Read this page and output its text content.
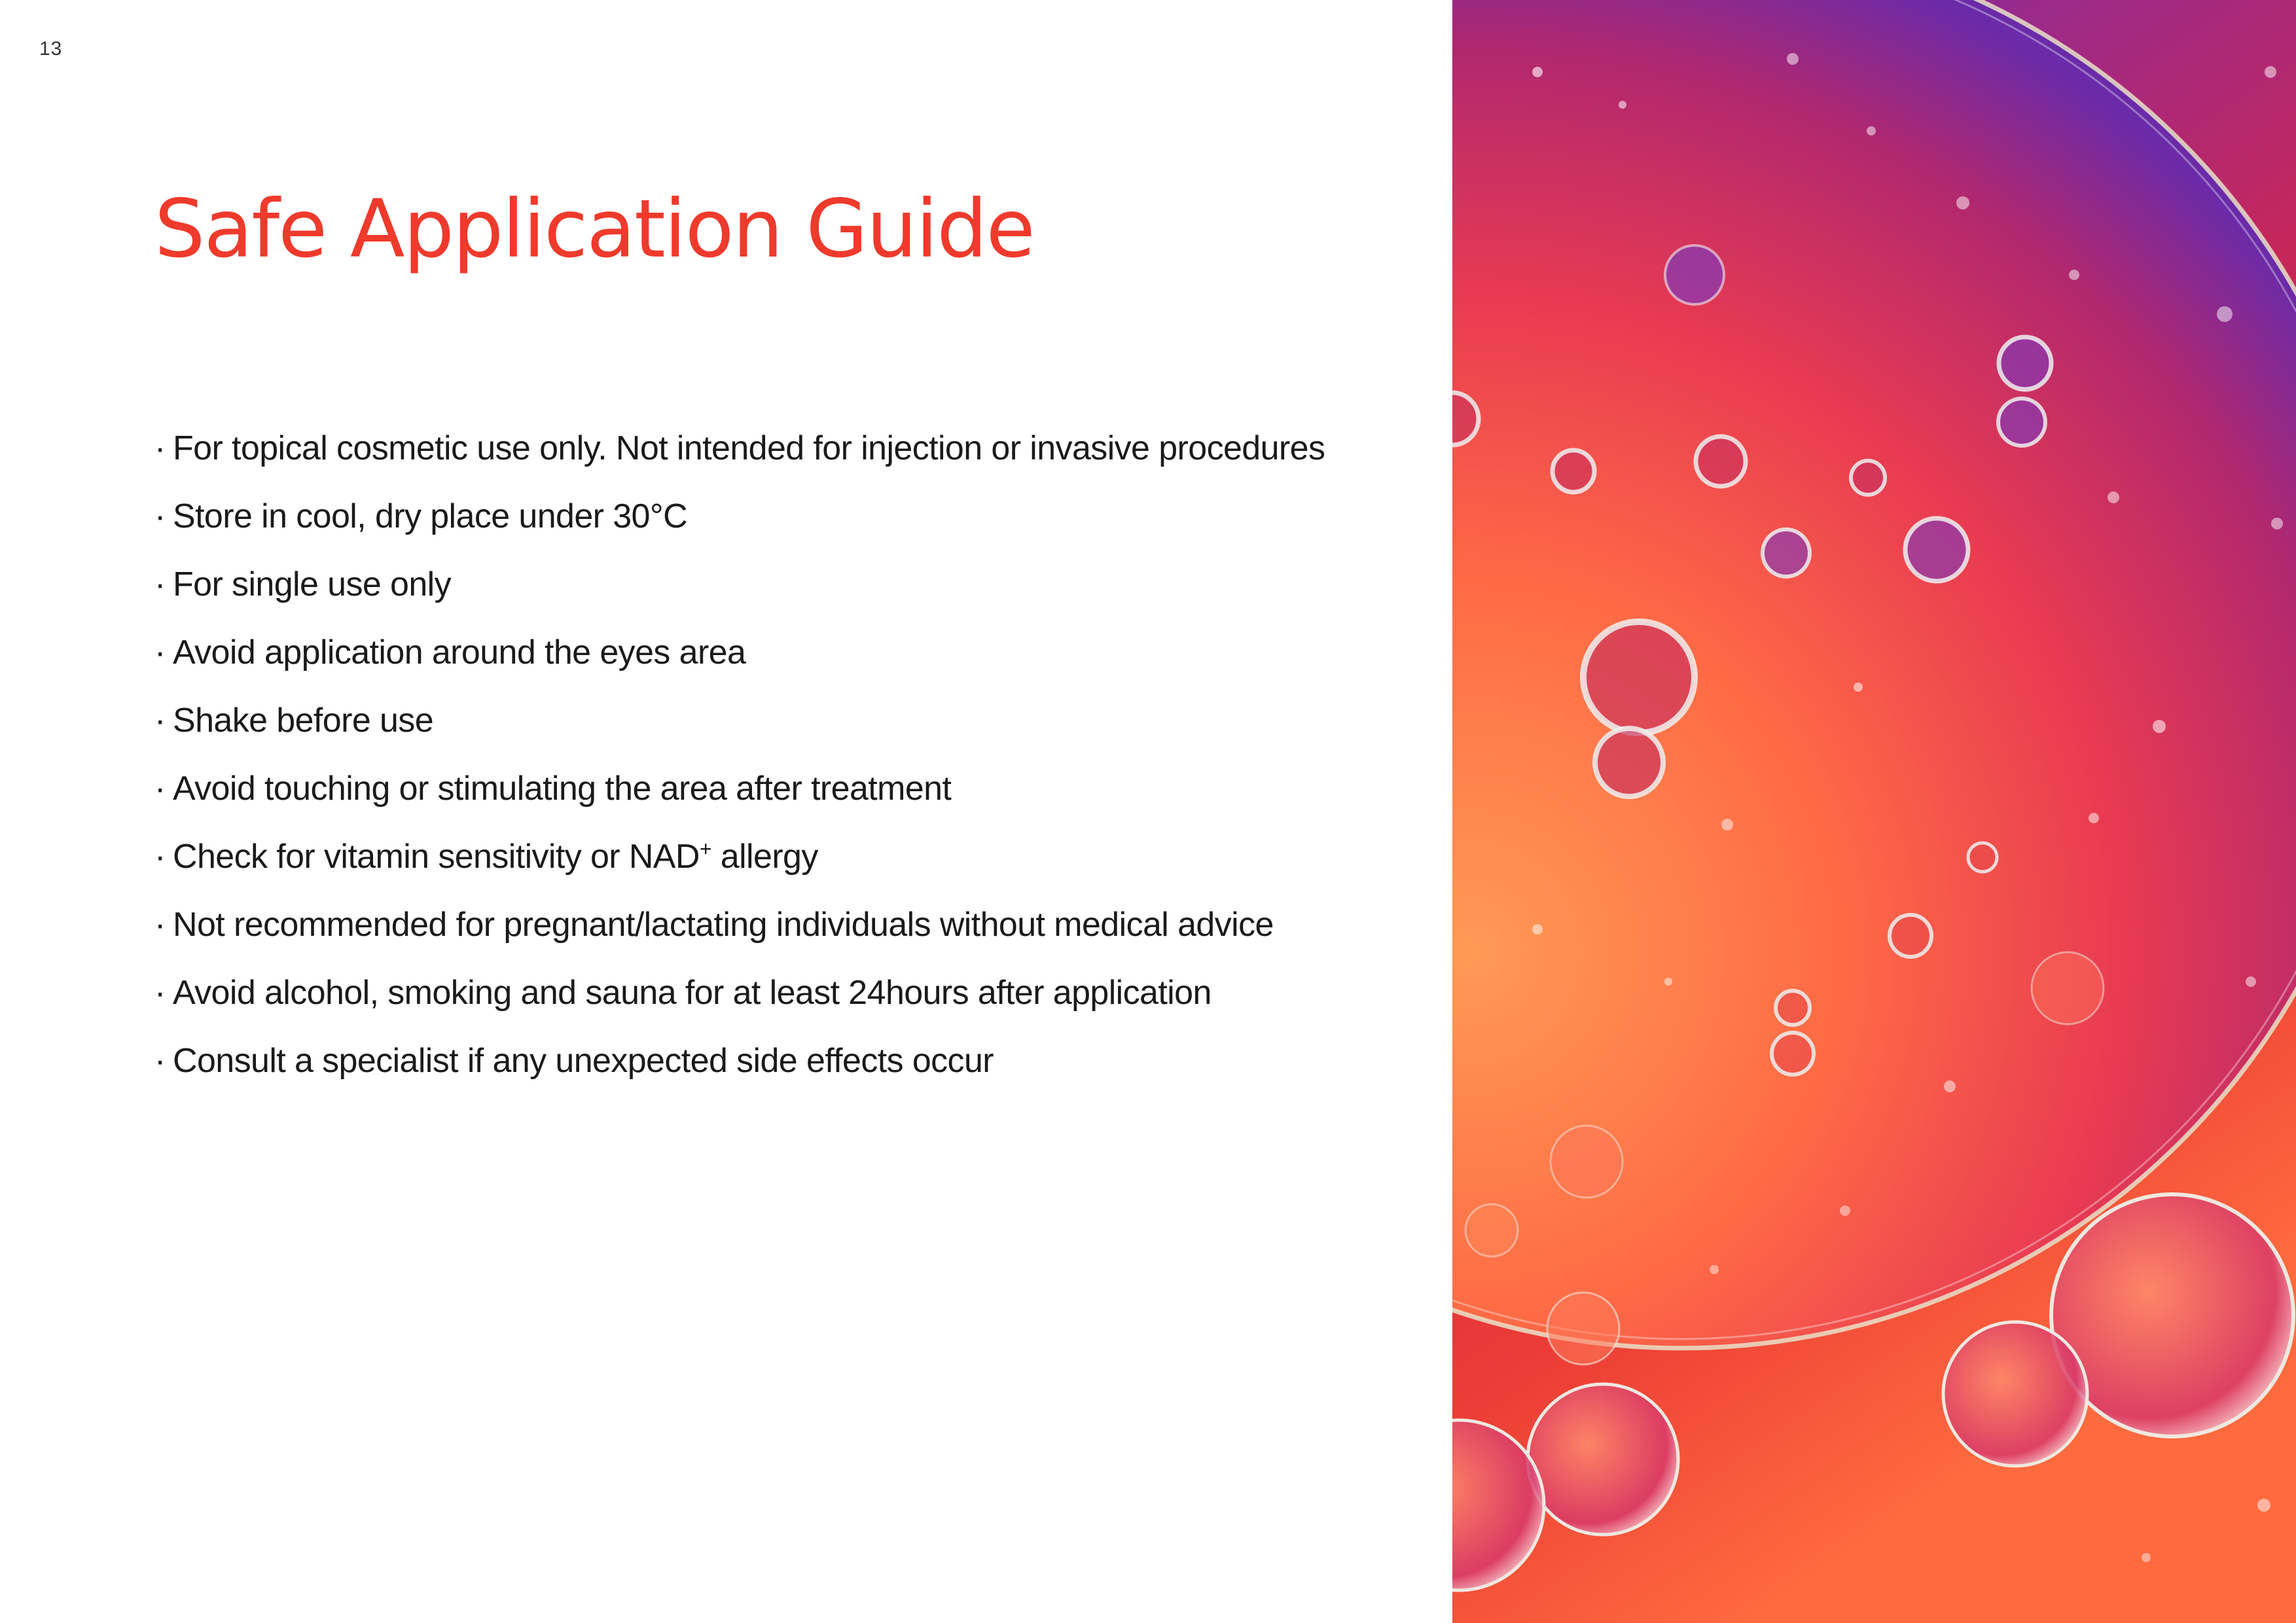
13
Safe Application Guide
· For topical cosmetic use only. Not intended for injection or invasive procedures
· Store in cool, dry place under 30°C
· For single use only
· Avoid application around the eyes area
· Shake before use
· Avoid touching or stimulating the area after treatment
· Check for vitamin sensitivity or NAD+ allergy
· Not recommended for pregnant/lactating individuals without medical advice
· Avoid alcohol, smoking and sauna for at least 24hours after application
· Consult a specialist if any unexpected side effects occur
